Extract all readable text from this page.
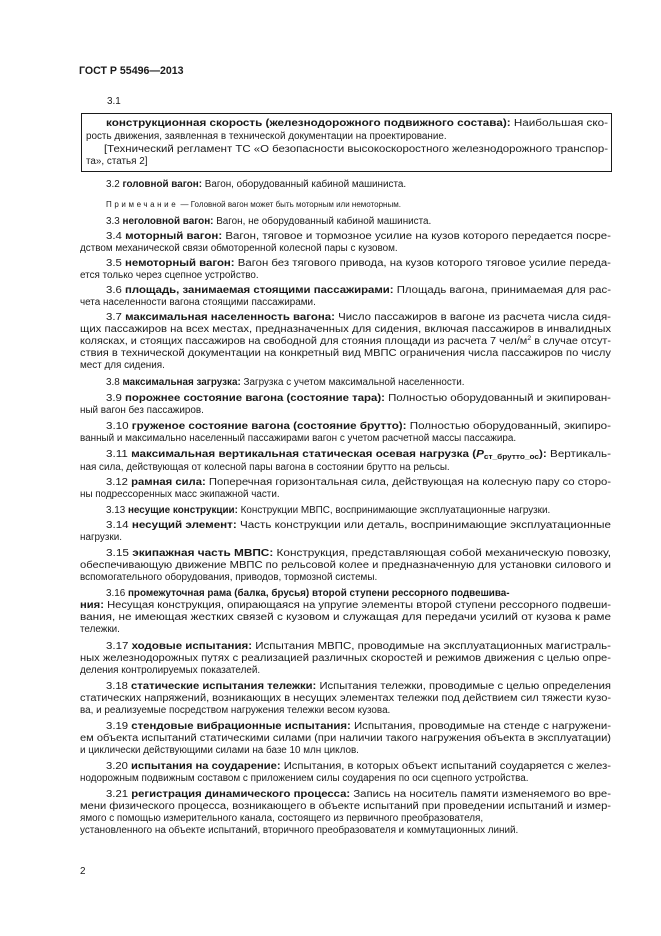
ГОСТ Р 55496—2013
3.1
конструкционная скорость (железнодорожного подвижного состава): Наибольшая ско-
рость движения, заявленная в технической документации на проектирование.
[Технический регламент ТС «О безопасности высокоскоростного железнодорожного транспор-
та», статья 2]
3.2 головной вагон: Вагон, оборудованный кабиной машиниста.
Примечание — Головной вагон может быть моторным или немоторным.
3.3 неголовной вагон: Вагон, не оборудованный кабиной машиниста.
3.4 моторный вагон: Вагон, тяговое и тормозное усилие на кузов которого передается посре-
дством механической связи обмоторенной колесной пары с кузовом.
3.5 немоторный вагон: Вагон без тягового привода, на кузов которого тяговое усилие переда-
ется только через сцепное устройство.
3.6 площадь, занимаемая стоящими пассажирами: Площадь вагона, принимаемая для рас-
чета населенности вагона стоящими пассажирами.
3.7 максимальная населенность вагона: Число пассажиров в вагоне из расчета числа сидя-
щих пассажиров на всех местах, предназначенных для сидения, включая пассажиров в инвалидных
колясках, и стоящих пассажиров на свободной для стояния площади из расчета 7 чел/$м^2$ в случае отсут-
ствия в технической документации на конкретный вид МВПС ограничения числа пассажиров по числу
мест для сидения.
3.8 максимальная загрузка: Загрузка с учетом максимальной населенности.
3.9 порожнее состояние вагона (состояние тара): Полностью оборудованный и экипирован-
ный вагон без пассажиров.
3.10 груженое состояние вагона (состояние брутто): Полностью оборудованный, экипиро-
ванный и максимально населенный пассажирами вагон с учетом расчетной массы пассажира.
3.11 максимальная вертикальная статическая осевая нагрузка $(P_{ст\_брутто\_ос})$: Вертикаль-
ная сила, действующая от колесной пары вагона в состоянии брутто на рельсы.
3.12 рамная сила: Поперечная горизонтальная сила, действующая на колесную пару со сторо-
ны подрессоренных масс экипажной части.
3.13 несущие конструкции: Конструкции МВПС, воспринимающие эксплуатационные нагрузки.
3.14 несущий элемент: Часть конструкции или деталь, воспринимающие эксплуатационные
нагрузки.
3.15 экипажная часть МВПС: Конструкция, представляющая собой механическую повозку,
обеспечивающую движение МВПС по рельсовой колее и предназначенную для установки силового и
вспомогательного оборудования, приводов, тормозной системы.
3.16 промежуточная рама (балка, брусья) второй ступени рессорного подвешива-
ния: Несущая конструкция, опирающаяся на упругие элементы второй ступени рессорного подвеши-
вания, не имеющая жестких связей с кузовом и служащая для передачи усилий от кузова к раме
тележки.
3.17 ходовые испытания: Испытания МВПС, проводимые на эксплуатационных магистраль-
ных железнодорожных путях с реализацией различных скоростей и режимов движения с целью опре-
деления контролируемых показателей.
3.18 статические испытания тележки: Испытания тележки, проводимые с целью определения
статических напряжений, возникающих в несущих элементах тележки под действием сил тяжести кузо-
ва, и реализуемые посредством нагружения тележки весом кузова.
3.19 стендовые вибрационные испытания: Испытания, проводимые на стенде с нагружени-
ем объекта испытаний статическими силами (при наличии такого нагружения объекта в эксплуатации)
и циклически действующими силами на базе 10 млн циклов.
3.20 испытания на соударение: Испытания, в которых объект испытаний соударяется с желез-
нодорожным подвижным составом с приложением силы соударения по оси сцепного устройства.
3.21 регистрация динамического процесса: Запись на носитель памяти изменяемого во вре-
мени физического процесса, возникающего в объекте испытаний при проведении испытаний и измер-
ямого с помощью измерительного канала, состоящего из первичного преобразователя,
установленного на объекте испытаний, вторичного преобразователя и коммутационных линий.
2
